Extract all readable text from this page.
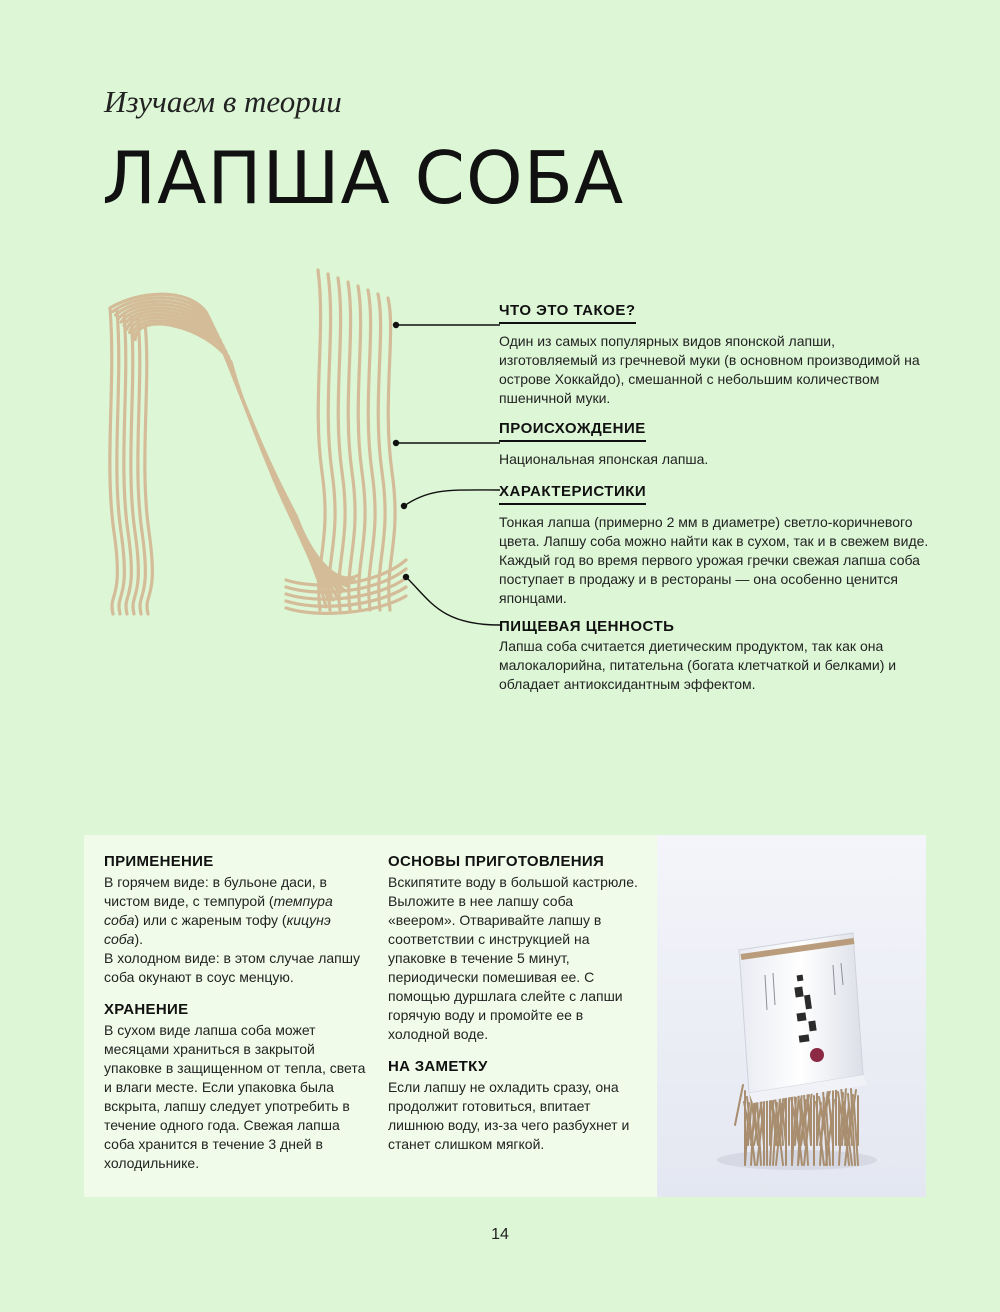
Изучаем в теории
ЛАПША СОБА
ЧТО ЭТО ТАКОЕ?

Один из самых популярных видов японской лапши, изготовляемый из гречневой муки (в основном производимой на острове Хоккайдо), смешанной с небольшим количеством пшеничной муки.

ПРОИСХОЖДЕНИЕ

Национальная японская лапша.

ХАРАКТЕРИСТИКИ

Тонкая лапша (примерно 2 мм в диаметре) светло-коричневого цвета. Лапшу соба можно найти как в сухом, так и в свежем виде. Каждый год во время первого урожая гречки свежая лапша соба поступает в продажу и в рестораны — она особенно ценится японцами.

ПИЩЕВАЯ ЦЕННОСТЬ

Лапша соба считается диетическим продуктом, так как она малокалорийна, питательна (богата клетчаткой и белками) и обладает антиоксидантным эффектом.

ПРИМЕНЕНИЕ

В горячем виде: в бульоне даси, в чистом виде, с темпурой (темпура соба) или с жареным тофу (кицунэ соба).

В холодном виде: в этом случае лапшу соба окунают в соус менцую.

ХРАНЕНИЕ

В сухом виде лапша соба может месяцами храниться в закрытой упаковке в защищенном от тепла, света и влаги месте. Если упаковка была вскрыта, лапшу следует употребить в течение одного года. Свежая лапша соба хранится в течение 3 дней в холодильнике.

ОСНОВЫ ПРИГОТОВЛЕНИЯ

Вскипятите воду в большой кастрюле. Выложите в нее лапшу соба «веером». Отваривайте лапшу в соответствии с инструкцией на упаковке в течение 5 минут, периодически помешивая ее. С помощью дуршлага слейте с лапши горячую воду и промойте ее в холодной воде.

НА ЗАМЕТКУ

Если лапшу не охладить сразу, она продолжит готовиться, впитает лишнюю воду, из-за чего разбухнет и станет слишком мягкой.

14
